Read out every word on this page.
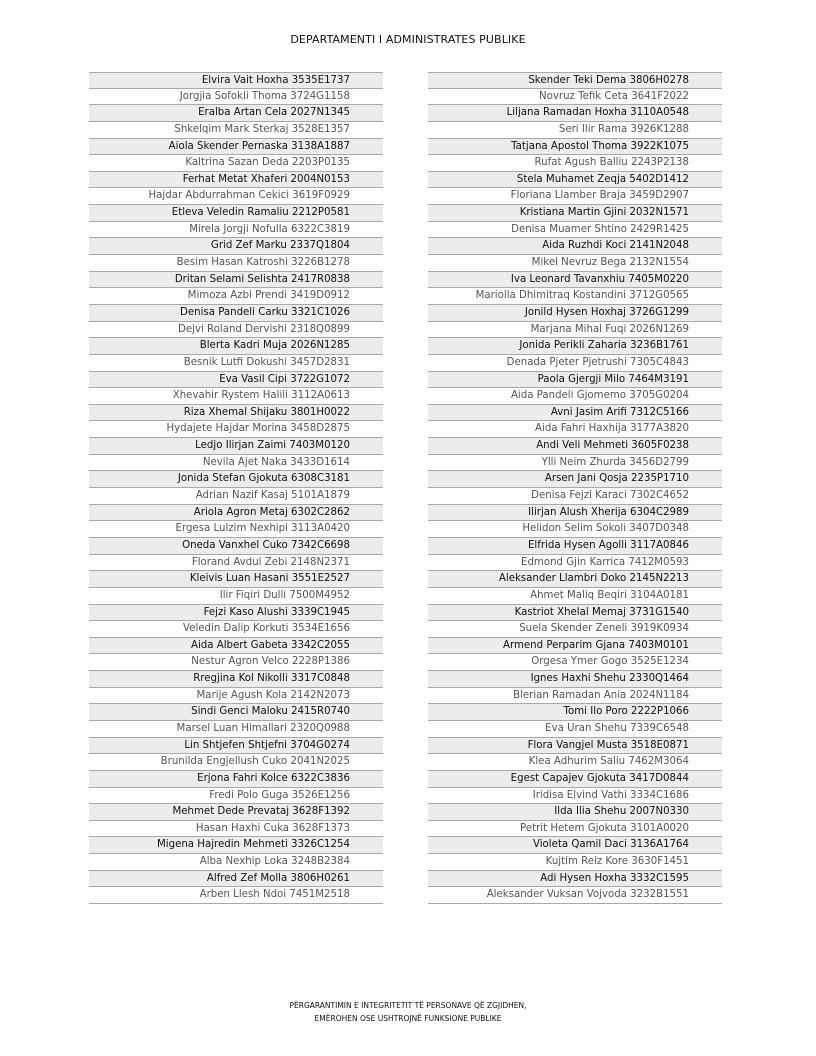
DEPARTAMENTI I ADMINISTRATES PUBLIKE
Elvira Vait Hoxha 3535E1737
Jorgjia Sofokli Thoma 3724G1158
Eralba Artan Cela 2027N1345
Shkelqim Mark Sterkaj 3528E1357
Aiola Skender Pernaska 3138A1887
Kaltrina Sazan Deda 2203P0135
Ferhat Metat Xhaferi 2004N0153
Hajdar Abdurrahman Cekici 3619F0929
Etleva Veledin Ramaliu 2212P0581
Mirela Jorgji Nofulla 6322C3819
Grid Zef Marku 2337Q1804
Besim Hasan Katroshi 3226B1278
Dritan Selami Selishta 2417R0838
Mimoza Azbi Prendi 3419D0912
Denisa Pandeli Carku 3321C1026
Dejvi Roland Dervishi 2318Q0899
Blerta Kadri Muja 2026N1285
Besnik Lutfi Dokushi 3457D2831
Eva Vasil Cipi 3722G1072
Xhevahir Rystem Halili 3112A0613
Riza Xhemal Shijaku 3801H0022
Hydajete Hajdar Morina 3458D2875
Ledjo Ilirjan Zaimi 7403M0120
Nevila Ajet Naka 3433D1614
Jonida Stefan Gjokuta 6308C3181
Adrian Nazif Kasaj 5101A1879
Ariola Agron Metaj 6302C2862
Ergesa Lulzim Nexhipi 3113A0420
Oneda Vanxhel Cuko 7342C6698
Florand Avdul Zebi 2148N2371
Kleivis Luan Hasani 3551E2527
Ilir Fiqiri Dulli 7500M4952
Fejzi Kaso Alushi 3339C1945
Veledin Dalip Korkuti 3534E1656
Aida Albert Gabeta 3342C2055
Nestur Agron Velco 2228P1386
Rregjina Kol Nikolli 3317C0848
Marije Agush Kola 2142N2073
Sindi Genci Maloku 2415R0740
Marsel Luan Himallari 2320Q0988
Lin Shtjefen Shtjefni 3704G0274
Brunilda Engjellush Cuko 2041N2025
Erjona Fahri Kolce 6322C3836
Fredi Polo Guga 3526E1256
Mehmet Dede Prevataj 3628F1392
Hasan Haxhi Cuka 3628F1373
Migena Hajredin Mehmeti 3326C1254
Alba Nexhip Loka 3248B2384
Alfred Zef Molla 3806H0261
Arben Llesh Ndoi 7451M2518
Skender Teki Dema 3806H0278
Novruz Tefik Ceta 3641F2022
Liljana Ramadan Hoxha 3110A0548
Seri Ilir Rama 3926K1288
Tatjana Apostol Thoma 3922K1075
Rufat Agush Balliu 2243P2138
Stela Muhamet Zeqja 5402D1412
Floriana Llamber Braja 3459D2907
Kristiana Martin Gjini 2032N1571
Denisa Muamer Shtino 2429R1425
Aida Ruzhdi Koci 2141N2048
Mikel Nevruz Bega 2132N1554
Iva Leonard Tavanxhiu 7405M0220
Mariolla Dhimitraq Kostandini 3712G0565
Jonild Hysen Hoxhaj 3726G1299
Marjana Mihal Fuqi 2026N1269
Jonida Perikli Zaharia 3236B1761
Denada Pjeter Pjetrushi 7305C4843
Paola Gjergji Milo 7464M3191
Aida Pandeli Gjomemo 3705G0204
Avni Jasim Arifi 7312C5166
Aida Fahri Haxhija 3177A3820
Andi Veli Mehmeti 3605F0238
Ylli Neim Zhurda 3456D2799
Arsen Jani Qosja 2235P1710
Denisa Fejzi Karaci 7302C4652
Ilirjan Alush Xherija 6304C2989
Helidon Selim Sokoli 3407D0348
Elfrida Hysen Agolli 3117A0846
Edmond Gjin Karrica 7412M0593
Aleksander Llambri Doko 2145N2213
Ahmet Maliq Beqiri 3104A0181
Kastriot Xhelal Memaj 3731G1540
Suela Skender Zeneli 3919K0934
Armend Perparim Gjana 7403M0101
Orgesa Ymer Gogo 3525E1234
Ignes Haxhi Shehu 2330Q1464
Blerian Ramadan Ania 2024N1184
Tomi Ilo Poro 2222P1066
Eva Uran Shehu 7339C6548
Flora Vangjel Musta 3518E0871
Klea Adhurim Saliu 7462M3064
Egest Capajev Gjokuta 3417D0844
Iridisa Elvind Vathi 3334C1686
Ilda Ilia Shehu 2007N0330
Petrit Hetem Gjokuta 3101A0020
Violeta Qamil Daci 3136A1764
Kujtim Reiz Kore 3630F1451
Adi Hysen Hoxha 3332C1595
Aleksander Vuksan Vojvoda 3232B1551
PËRGARANTIMIN E INTEGRITETIT TË PERSONAVE QË ZGJIDHEN,
EMËROHEN OSE USHTROJNË FUNKSIONE PUBLIKE
